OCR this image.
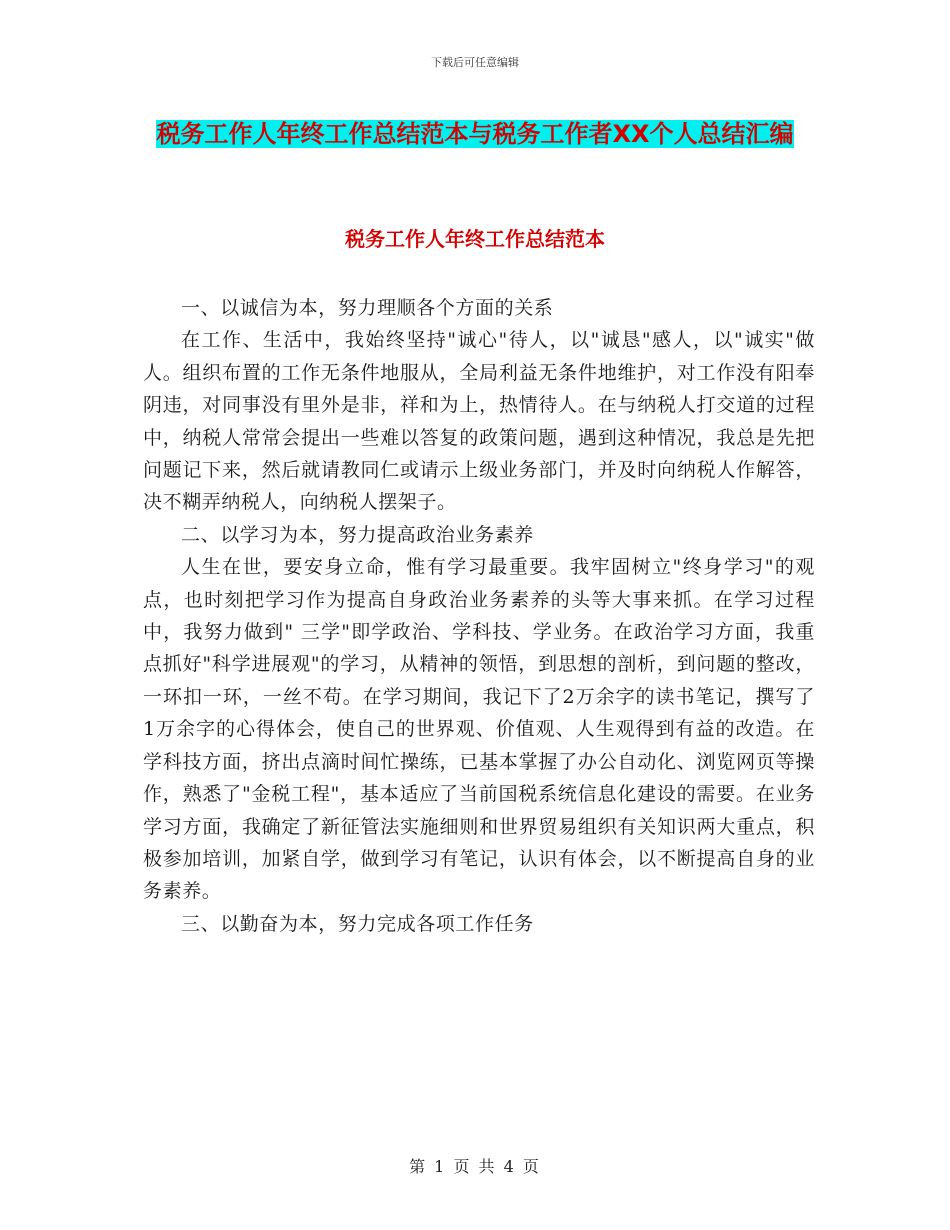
下载后可任意编辑
税务工作人年终工作总结范本与税务工作者XX个人总结汇编
税务工作人年终工作总结范本

一、以诚信为本，努力理顺各个方面的关系

在工作、生活中，我始终坚持"诚心"待人，以"诚恳"感人，以"诚实"做人。组织布置的工作无条件地服从，全局利益无条件地维护，对工作没有阳奉阴违，对同事没有里外是非，祥和为上，热情待人。在与纳税人打交道的过程中，纳税人常常会提出一些难以答复的政策问题，遇到这种情况，我总是先把问题记下来，然后就请教同仁或请示上级业务部门，并及时向纳税人作解答，决不糊弄纳税人，向纳税人摆架子。

二、以学习为本，努力提高政治业务素养

人生在世，要安身立命，惟有学习最重要。我牢固树立"终身学习"的观点，也时刻把学习作为提高自身政治业务素养的头等大事来抓。在学习过程中，我努力做到" 三学"即学政治、学科技、学业务。在政治学习方面，我重点抓好"科学进展观"的学习，从精神的领悟，到思想的剖析，到问题的整改，一环扣一环，一丝不苟。在学习期间，我记下了2万余字的读书笔记，撰写了1万余字的心得体会，使自己的世界观、价值观、人生观得到有益的改造。在学科技方面，挤出点滴时间忙操练，已基本掌握了办公自动化、浏览网页等操作，熟悉了"金税工程"，基本适应了当前国税系统信息化建设的需要。在业务学习方面，我确定了新征管法实施细则和世界贸易组织有关知识两大重点，积极参加培训，加紧自学，做到学习有笔记，认识有体会，以不断提高自身的业务素养。

三、以勤奋为本，努力完成各项工作任务

第 1 页 共 4 页
